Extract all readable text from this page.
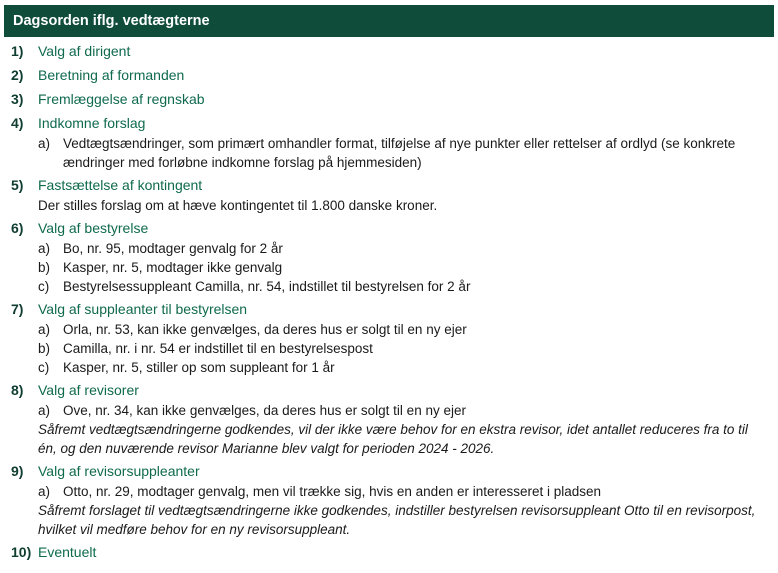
Dagsorden iflg. vedtægterne
1) Valg af dirigent
2) Beretning af formanden
3) Fremlæggelse af regnskab
4) Indkomne forslag
a) Vedtægtsændringer, som primært omhandler format, tilføjelse af nye punkter eller rettelser af ordlyd (se konkrete ændringer med forløbne indkomne forslag på hjemmesiden)
5) Fastsættelse af kontingent
Der stilles forslag om at hæve kontingentet til 1.800 danske kroner.
6) Valg af bestyrelse
a) Bo, nr. 95, modtager genvalg for 2 år
b) Kasper, nr. 5, modtager ikke genvalg
c) Bestyrelsessuppleant Camilla, nr. 54, indstillet til bestyrelsen for 2 år
7) Valg af suppleanter til bestyrelsen
a) Orla, nr. 53, kan ikke genvælges, da deres hus er solgt til en ny ejer
b) Camilla, nr. i nr. 54 er indstillet til en bestyrelsespost
c) Kasper, nr. 5, stiller op som suppleant for 1 år
8) Valg af revisorer
a) Ove, nr. 34, kan ikke genvælges, da deres hus er solgt til en ny ejer
Såfremt vedtægtsændringerne godkendes, vil der ikke være behov for en ekstra revisor, idet antallet reduceres fra to til én, og den nuværende revisor Marianne blev valgt for perioden 2024 - 2026.
9) Valg af revisorsuppleanter
a) Otto, nr. 29, modtager genvalg, men vil trække sig, hvis en anden er interesseret i pladsen
Såfremt forslaget til vedtægtsændringerne ikke godkendes, indstiller bestyrelsen revisorsuppleant Otto til en revisorpost, hvilket vil medføre behov for en ny revisorsuppleant.
10) Eventuelt
